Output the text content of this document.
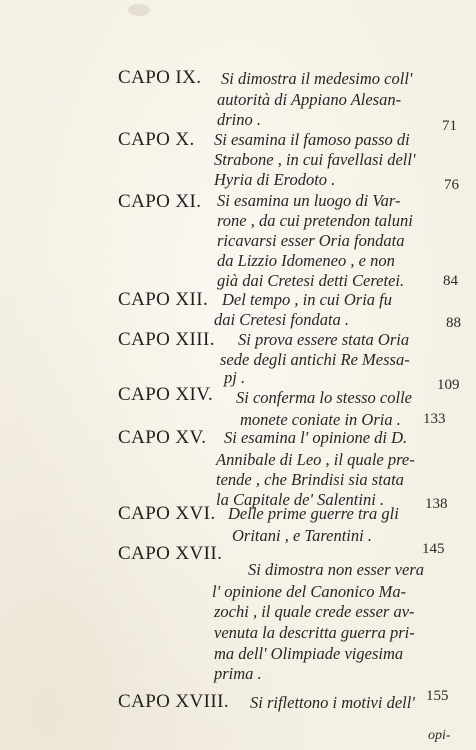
CAPO IX. Si dimostra il medesimo coll'
autorità di Appiano Alesan-
drino .	71
CAPO X. Si esamina il famoso passo di
Strabone , in cui favellasi dell'
Hyria di Erodoto .	76
CAPO XI. Si esamina un luogo di Var-
rone , da cui pretendon taluni
ricavarsi esser Oria fondata
da Lizzio Idomeneo , e non
già dai Cretesi detti Ceretei.	84
CAPO XII. Del tempo , in cui Oria fu
dai Cretesi fondata .	88
CAPO XIII. Si prova essere stata Oria
sede degli antichi Re Messa-
pj .	109
CAPO XIV. Si conferma lo stesso colle
monete coniate in Oria . 133
CAPO XV. Si esamina l' opinione di D.
Annibale di Leo , il quale pre-
tende , che Brindisi sia stata
la Capitale de' Salentini .	138
CAPO XVI. Delle prime guerre tra gli
Oritani , e Tarentini .
145
CAPO XVII.
Si dimostra non esser vera
l' opinione del Canonico Ma-
zochi , il quale crede esser av-
venuta la descritta guerra pri-
ma dell' Olimpiade vigesima
prima .
155
CAPO XVIII. Si riflettono i motivi dell'
opi-
